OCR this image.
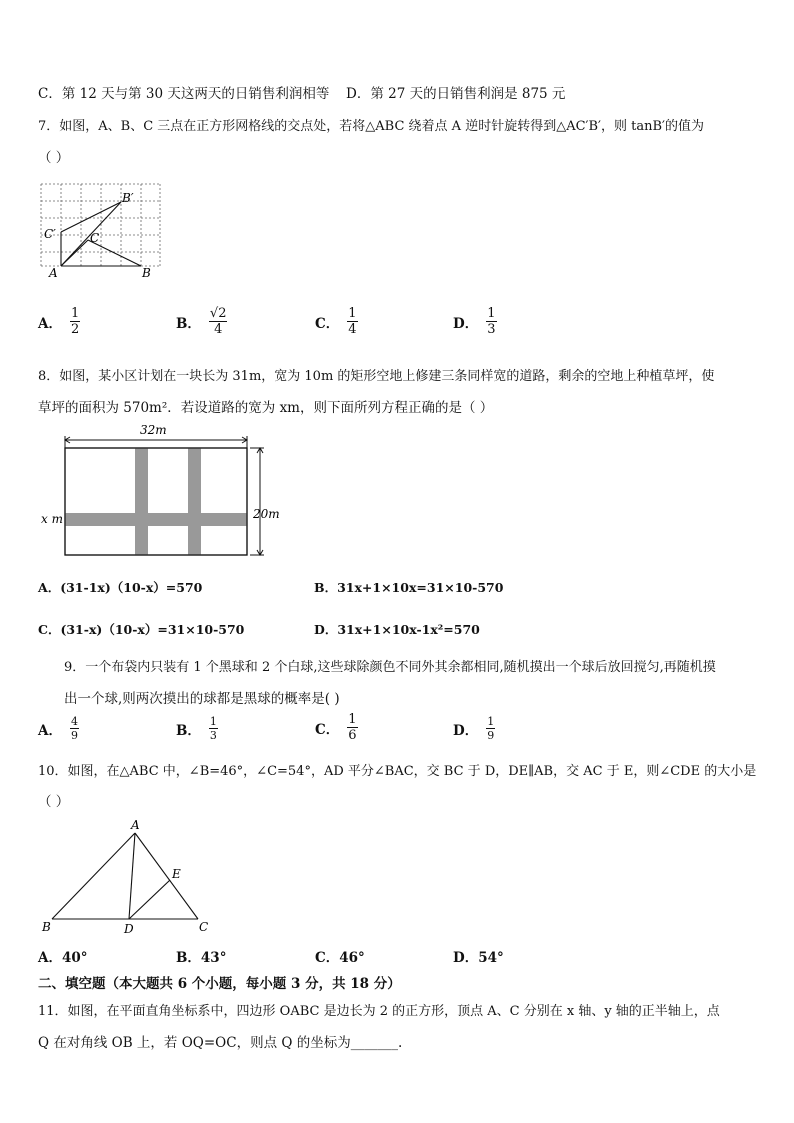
C．第 12 天与第 30 天这两天的日销售利润相等 D．第 27 天的日销售利润是 875 元
7．如图，A、B、C 三点在正方形网格线的交点处，若将△ABC 绕着点 A 逆时针旋转得到△AC′B′，则 tanB′的值为
（ ）
B′
C′	C
A	B
A． $\frac{1}{2}$	B． $\frac{√2}{4}$	C． $\frac{1}{4}$	D． $\frac{1}{3}$
8．如图，某小区计划在一块长为 31m，宽为 10m 的矩形空地上修建三条同样宽的道路，剩余的空地上种植草坪，使
草坪的面积为 570m²．若设道路的宽为 xm，则下面所列方程正确的是（ ）
32m
20m
x m
A．(31-1x)（10-x）=570	B．31x+1×10x=31×10-570
C．(31-x)（10-x）=31×10-570	D．31x+1×10x-1x²=570
9．一个布袋内只装有 1 个黑球和 2 个白球,这些球除颜色不同外其余都相同,随机摸出一个球后放回搅匀,再随机摸
出一个球,则两次摸出的球都是黑球的概率是( )
A． $\frac{4}{9}$	B． $\frac{1}{3}$	C． $\frac{1}{6}$	D． $\frac{1}{9}$
10．如图，在△ABC 中，∠B=46°，∠C=54°，AD 平分∠BAC，交 BC 于 D，DE∥AB，交 AC 于 E，则∠CDE 的大小是
（ ）
A
E
B	D	C
A．40°	B．43°	C．46°	D．54°
二、填空题（本大题共 6 个小题，每小题 3 分，共 18 分）
11．如图，在平面直角坐标系中，四边形 OABC 是边长为 2 的正方形，顶点 A、C 分别在 x 轴、y 轴的正半轴上，点
Q 在对角线 OB 上，若 OQ=OC，则点 Q 的坐标为_______.
